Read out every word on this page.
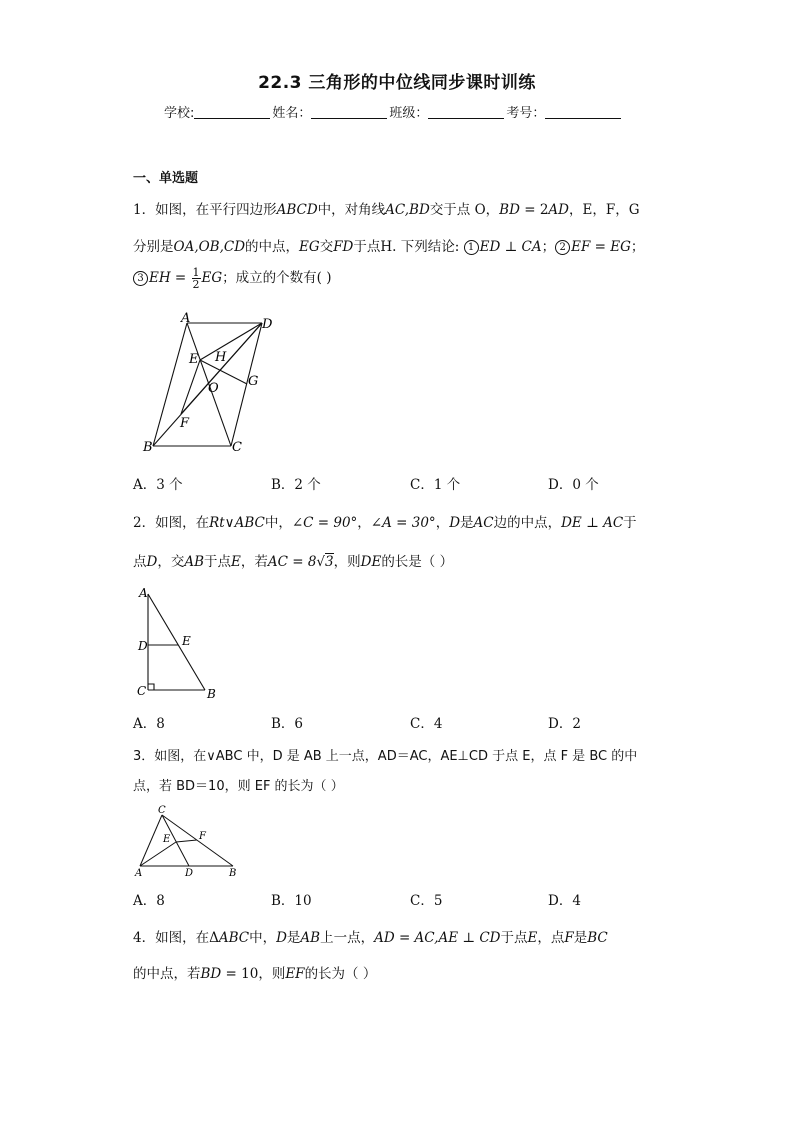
22.3 三角形的中位线同步课时训练
学校:	姓名：	班级：	考号：
一、单选题
1．如图，在平行四边形ABCD中，对角线AC,BD交于点 O，BD = 2AD，E，F，G
分别是OA,OB,CD的中点，EG交FD于点H. 下列结论: 1 ED ⊥ CA； 2 EF = EG；
3 EH = $\frac{1}{2}$ EG；成立的个数有( )
A	D
E H
G
O
F
B	C
A．3 个	B．2 个	C．1 个	D．0 个
2．如图，在Rt∨ABC中，∠C = 90°，∠A = 30°，D是AC边的中点，DE ⊥ AC于
点D，交AB于点E，若AC = 8√3，则DE的长是（ ）
A
D	E
C	B
A．8	B．6	C．4	D．2
3．如图，在∨ABC 中，D 是 AB 上一点，AD＝AC，AE⊥CD 于点 E，点 F 是 BC 的中
点，若 BD＝10，则 EF 的长为（ ）
C
E	F
A	D	B
A．8	B．10	C．5	D．4
4．如图，在ΔABC中，D是AB上一点，AD = AC,AE ⊥ CD于点E，点F是BC
的中点，若BD = 10，则EF的长为（ ）
